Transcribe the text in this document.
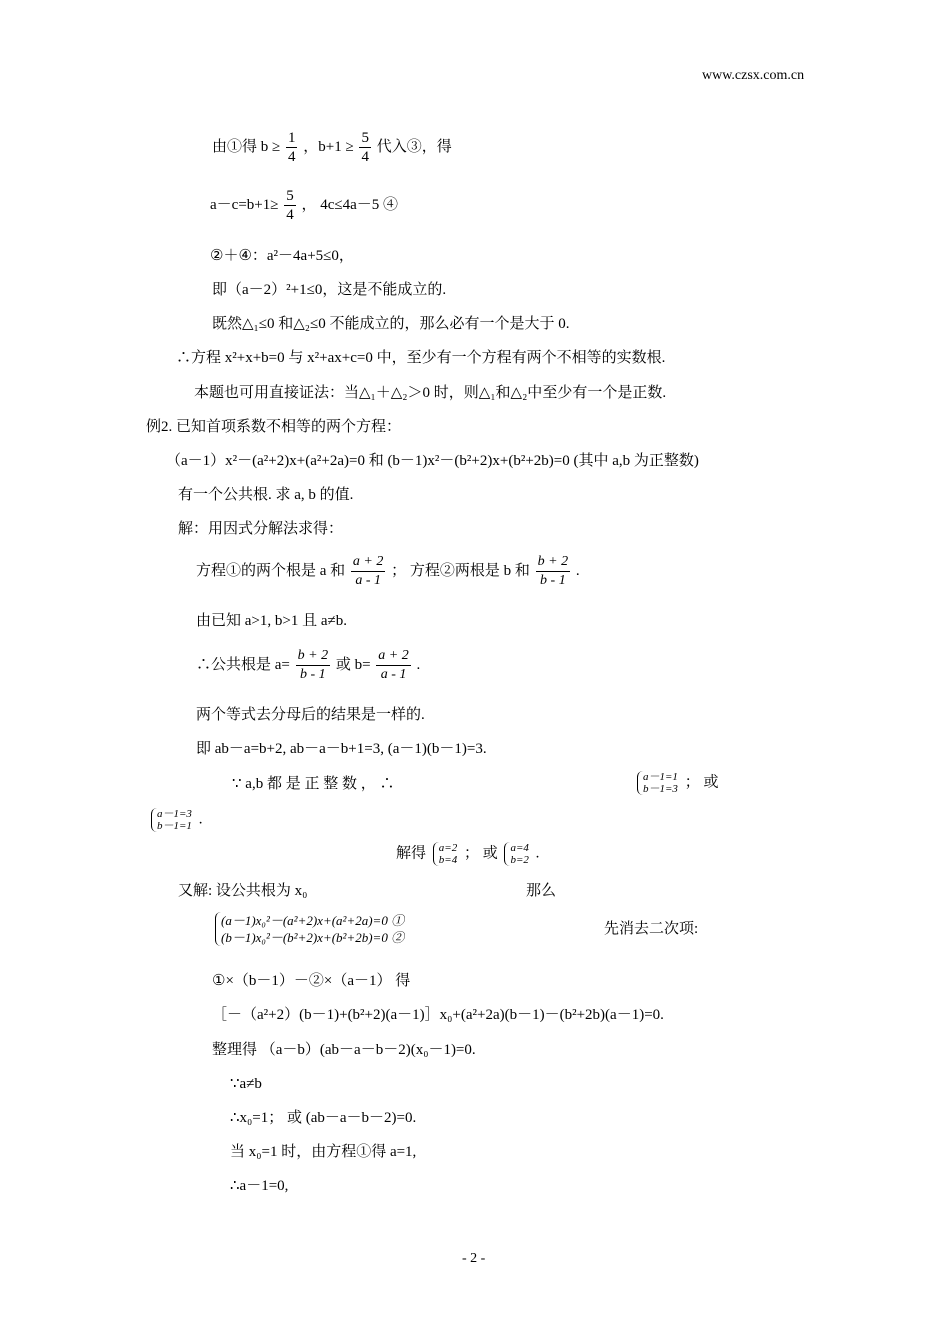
www.czsx.com.cn
由①得 $b \ge \frac{1}{4}$ ，$b+1 \ge \frac{5}{4}$ 代入③，得
$a-c=b+1\ge \frac{5}{4}$ ， 4c≤4a－5 ④
②＋④：a²－4a+5≤0，
即（a－2）²+1≤0，这是不能成立的.
既然△₁≤0 和△₂≤0 不能成立的，那么必有一个是大于 0.
∴方程 x²+x+b=0 与 x²+ax+c=0 中，至少有一个方程有两个不相等的实数根.
本题也可用直接证法：当△₁＋△₂＞0 时，则△₁和△₂中至少有一个是正数.
例2. 已知首项系数不相等的两个方程：
（a－1）x²－(a²+2)x+(a²+2a)=0 和 (b－1)x²－(b²+2)x+(b²+2b)=0 (其中 a,b 为正整数)
有一个公共根. 求 a, b 的值.
解：用因式分解法求得：
方程①的两个根是 a 和 $\frac{a + 2}{a - 1}$ ； 方程②两根是 b 和 $\frac{b + 2}{b - 1}$ .
由已知 a>1, b>1 且 a≠b.
∴公共根是 $a= \frac{b + 2}{b - 1}$ 或 $b= \frac{a + 2}{a - 1}$ .
两个等式去分母后的结果是一样的.
即 ab－a=b+2, ab－a－b+1=3, (a－1)(b－1)=3.
∵ a,b 都 是 正 整 数 ， ∴	a－1=1
b－1=3 ； 或
a－1=3
b－1=1 .
解得 a=2
b=4 ； 或 a=4
b=2 .
又解: 设公共根为 x₀	那么
(a－1)x₀²－(a²+2)x+(a²+2a)=0 ①
(b－1)x₀²－(b²+2)x+(b²+2b)=0 ②
先消去二次项:
①×（b－1）－②×（a－1） 得
［－（a²+2）(b－1)+(b²+2)(a－1)］x₀+(a²+2a)(b－1)－(b²+2b)(a－1)=0.
整理得 （a－b）(ab－a－b－2)(x₀－1)=0.
∵a≠b
∴x₀=1； 或 (ab－a－b－2)=0.
当 x₀=1 时，由方程①得 a=1,
∴a－1=0,
- 2 -
